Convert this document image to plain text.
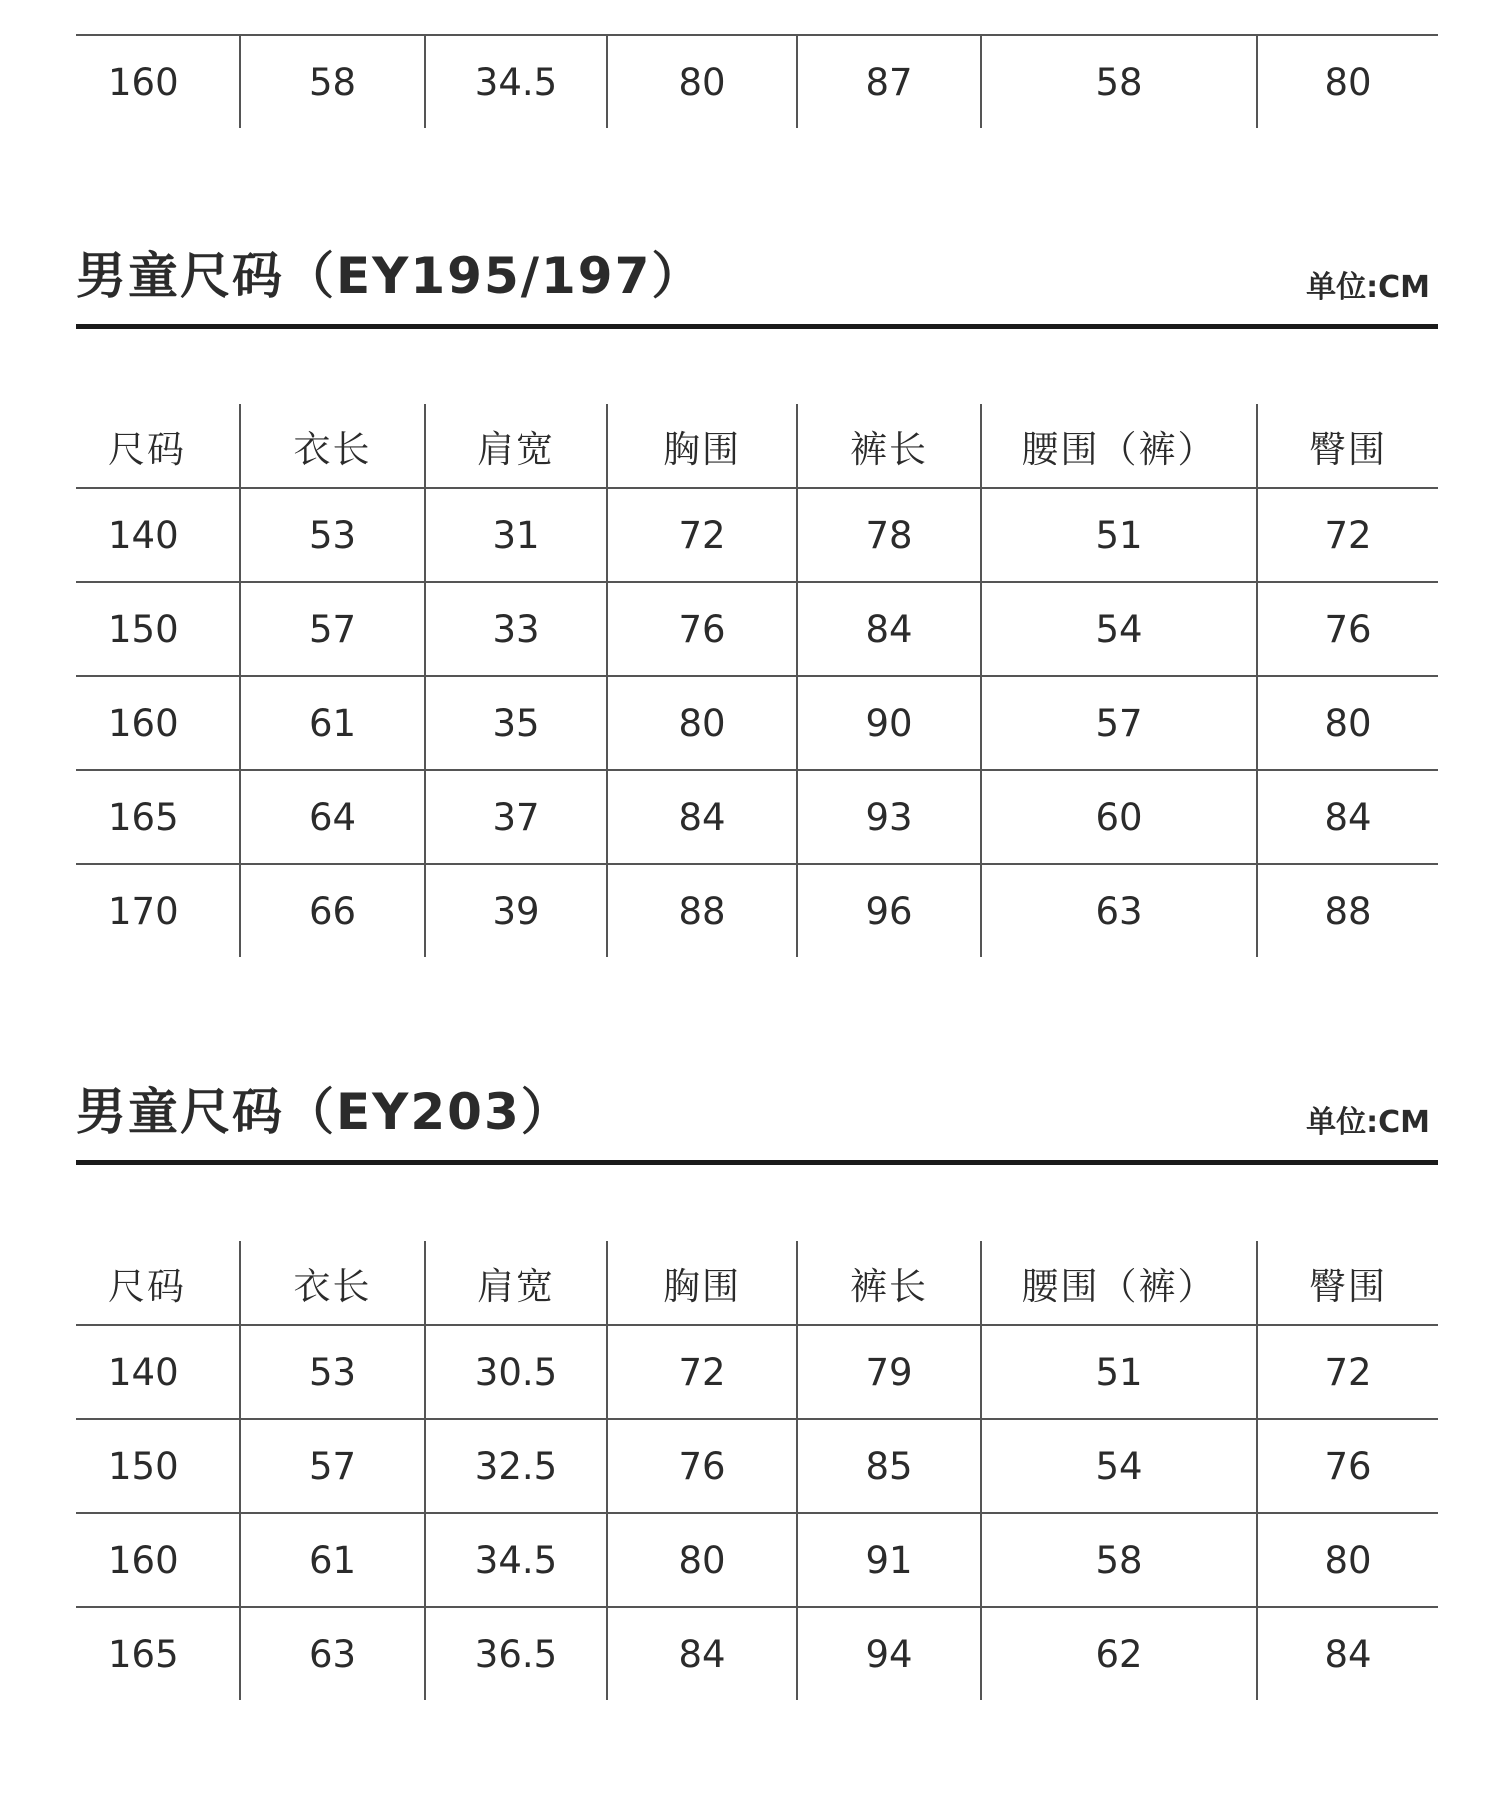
160	58	34.5	80	87	58	80
男童尺码（EY195/197）	单位:CM
尺码	衣长	肩宽	胸围	裤长	腰围（裤）	臀围
140	53	31	72	78	51	72
150	57	33	76	84	54	76
160	61	35	80	90	57	80
165	64	37	84	93	60	84
170	66	39	88	96	63	88
男童尺码（EY203）	单位:CM
尺码	衣长	肩宽	胸围	裤长	腰围（裤）	臀围
140	53	30.5	72	79	51	72
150	57	32.5	76	85	54	76
160	61	34.5	80	91	58	80
165	63	36.5	84	94	62	84
